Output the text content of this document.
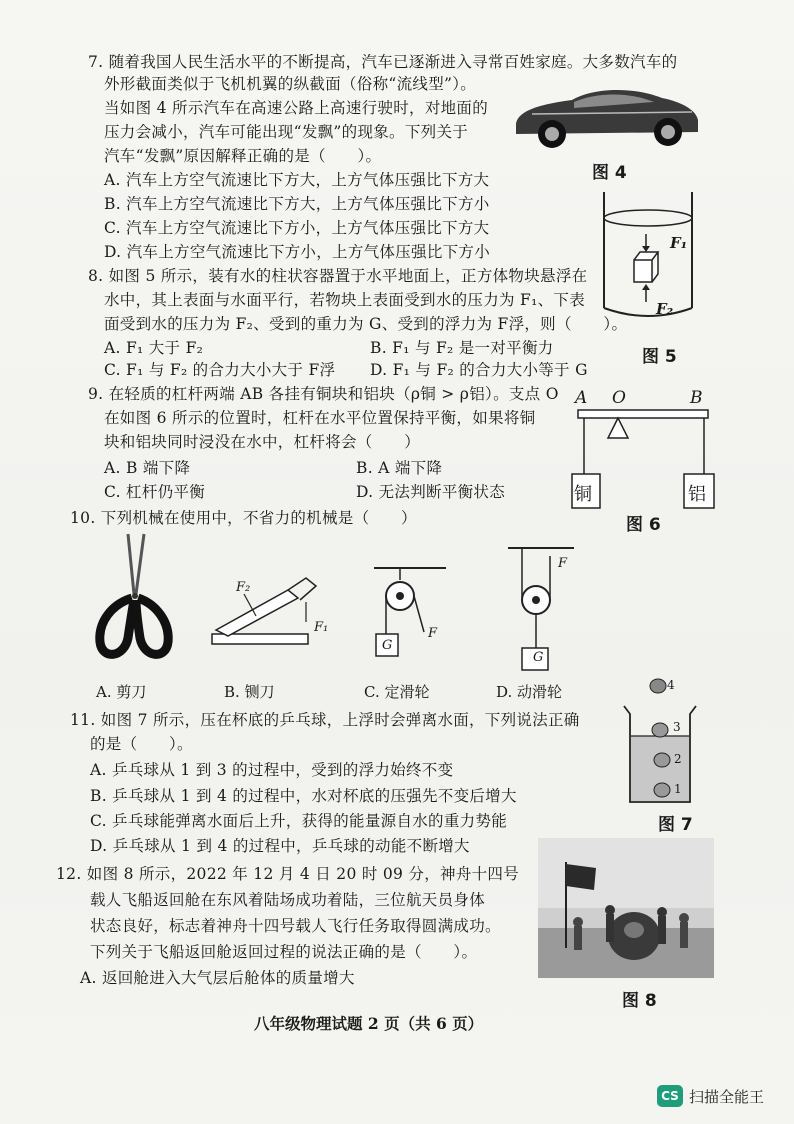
7. 随着我国人民生活水平的不断提高，汽车已逐渐进入寻常百姓家庭。大多数汽车的
外形截面类似于飞机机翼的纵截面（俗称“流线型”）。
当如图 4 所示汽车在高速公路上高速行驶时，对地面的
压力会减小，汽车可能出现“发飘”的现象。下列关于
汽车“发飘”原因解释正确的是（　　）。
A. 汽车上方空气流速比下方大，上方气体压强比下方大
B. 汽车上方空气流速比下方大，上方气体压强比下方小
C. 汽车上方空气流速比下方小，上方气体压强比下方大
D. 汽车上方空气流速比下方小，上方气体压强比下方小
图 4
F₁
F₂
图 5
8. 如图 5 所示，装有水的柱状容器置于水平地面上，正方体物块悬浮在
水中，其上表面与水面平行，若物块上表面受到水的压力为 F₁、下表
面受到水的压力为 F₂、受到的重力为 G、受到的浮力为 F浮，则（　　）。
A. F₁ 大于 F₂	B. F₁ 与 F₂ 是一对平衡力
C. F₁ 与 F₂ 的合力大小大于 F浮 D. F₁ 与 F₂ 的合力大小等于 G
9. 在轻质的杠杆两端 AB 各挂有铜块和铝块（ρ铜 > ρ铝）。支点 O
在如图 6 所示的位置时，杠杆在水平位置保持平衡，如果将铜
块和铝块同时浸没在水中，杠杆将会（　　）
A. B 端下降	B. A 端下降
C. 杠杆仍平衡	D. 无法判断平衡状态
A O	B
铜	铝
图 6
10. 下列机械在使用中，不省力的机械是（　　）
F₂
F₁	F
G
F
G
A. 剪刀	B. 铡刀	C. 定滑轮	D. 动滑轮
11. 如图 7 所示，压在杯底的乒乓球，上浮时会弹离水面，下列说法正确
的是（　　）。
A. 乒乓球从 1 到 3 的过程中，受到的浮力始终不变
B. 乒乓球从 1 到 4 的过程中，水对杯底的压强先不变后增大
C. 乒乓球能弹离水面后上升，获得的能量源自水的重力势能
D. 乒乓球从 1 到 4 的过程中，乒乓球的动能不断增大
4
3
2
1
图 7
12. 如图 8 所示，2022 年 12 月 4 日 20 时 09 分，神舟十四号
载人飞船返回舱在东风着陆场成功着陆，三位航天员身体
状态良好，标志着神舟十四号载人飞行任务取得圆满成功。
下列关于飞船返回舱返回过程的说法正确的是（　　）。
A. 返回舱进入大气层后舱体的质量增大
图 8
八年级物理试题 2 页（共 6 页）
CS 扫描全能王
